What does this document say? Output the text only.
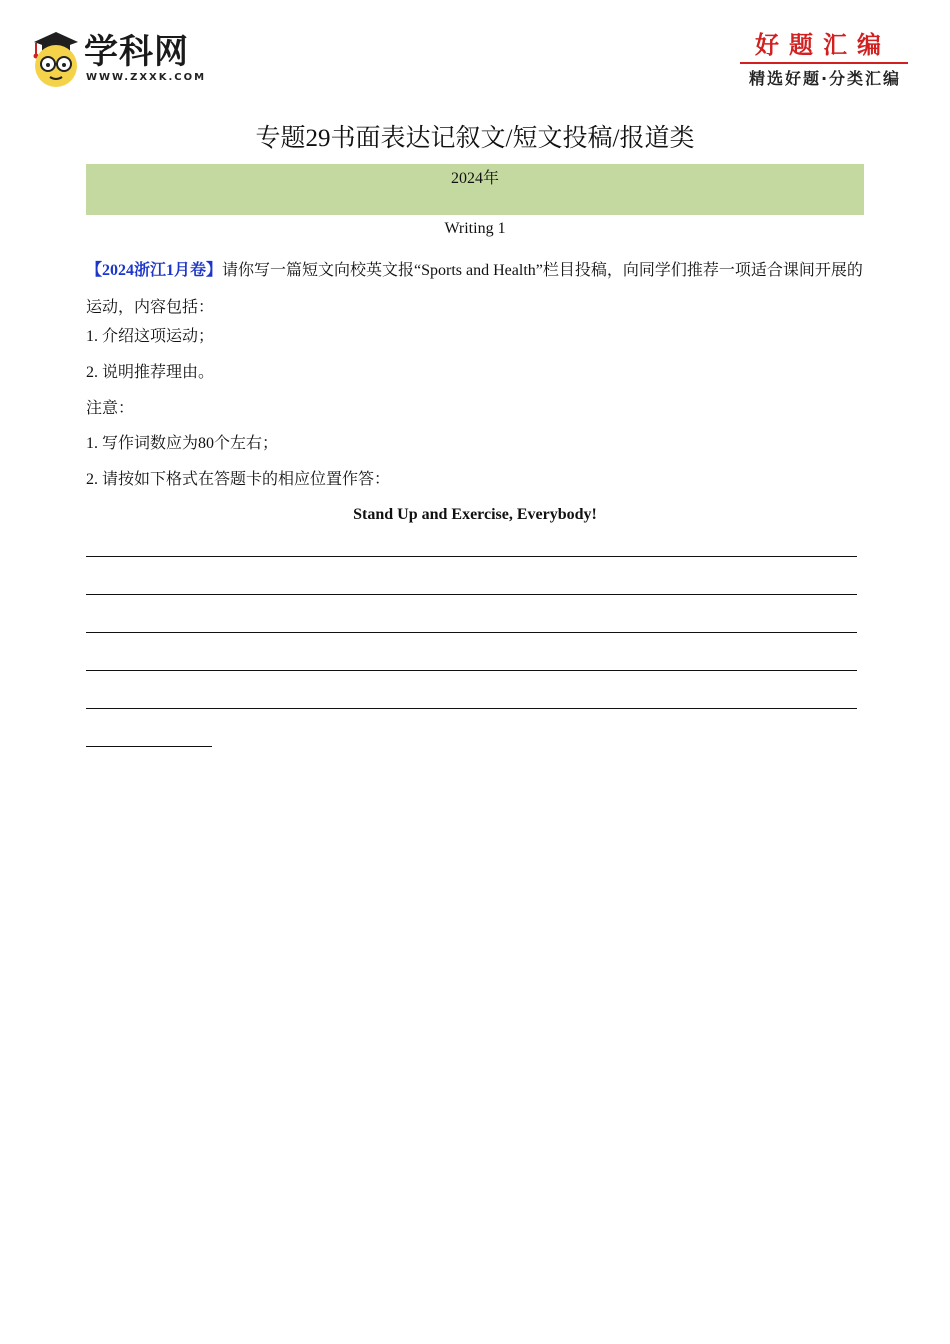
学科网
WWW.ZXXK.COM
好题汇编
精选好题·分类汇编
专题29书面表达记叙文/短文投稿/报道类
2024年
Writing 1
【2024浙江1月卷】请你写一篇短文向校英文报“Sports and Health”栏目投稿，向同学们推荐一项适合课间开展的运动，内容包括：
1. 介绍这项运动；
2. 说明推荐理由。
注意：
1. 写作词数应为80个左右；
2. 请按如下格式在答题卡的相应位置作答：
Stand Up and Exercise, Everybody!
